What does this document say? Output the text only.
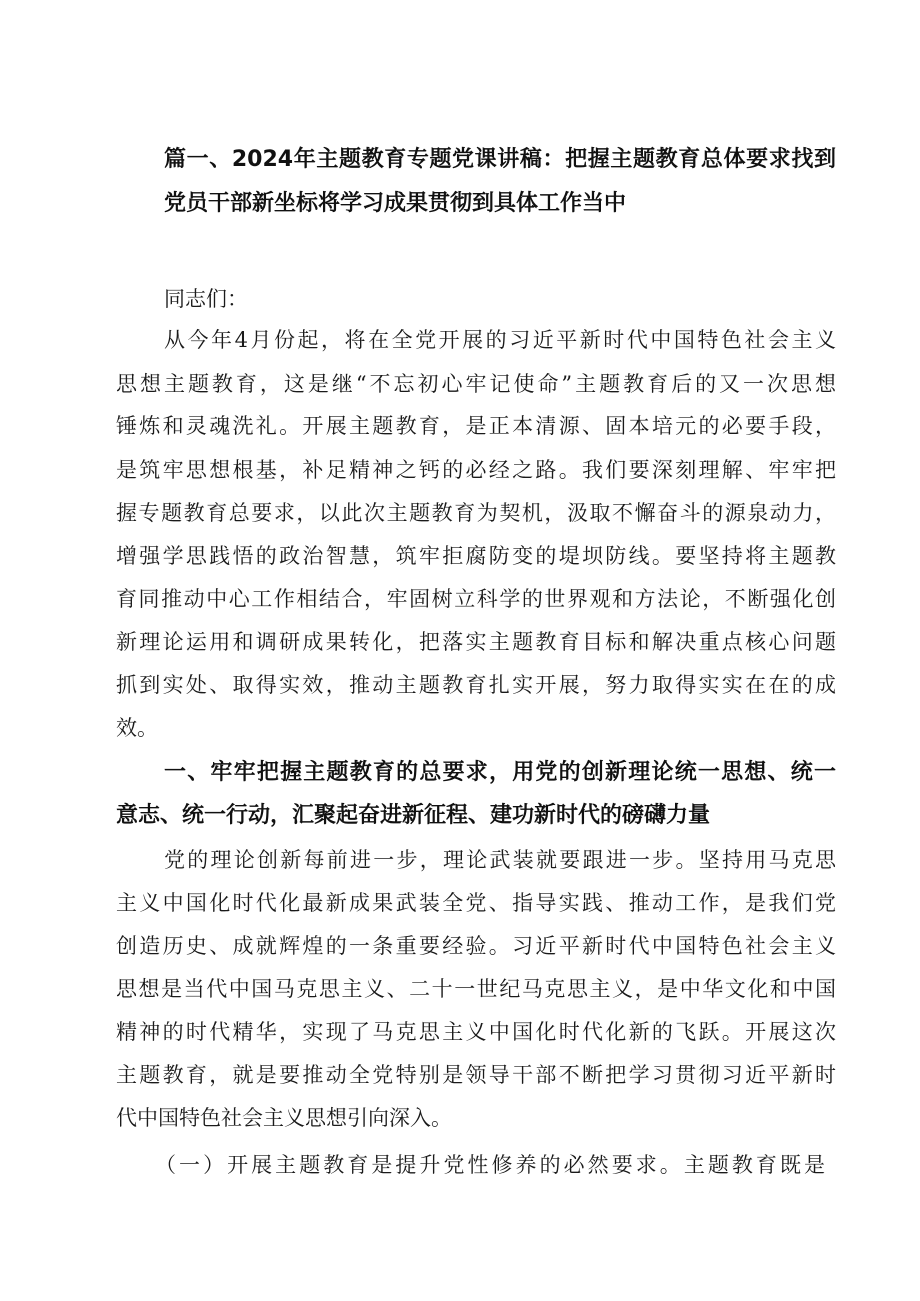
篇一、2024年主题教育专题党课讲稿：把握主题教育总体要求找到
党员干部新坐标将学习成果贯彻到具体工作当中
同志们：
从今年4月份起，将在全党开展的习近平新时代中国特色社会主义
思想主题教育，这是继“不忘初心牢记使命”主题教育后的又一次思想
锤炼和灵魂洗礼。开展主题教育，是正本清源、固本培元的必要手段，
是筑牢思想根基，补足精神之钙的必经之路。我们要深刻理解、牢牢把
握专题教育总要求，以此次主题教育为契机，汲取不懈奋斗的源泉动力，
增强学思践悟的政治智慧，筑牢拒腐防变的堤坝防线。要坚持将主题教
育同推动中心工作相结合，牢固树立科学的世界观和方法论，不断强化创
新理论运用和调研成果转化，把落实主题教育目标和解决重点核心问题
抓到实处、取得实效，推动主题教育扎实开展，努力取得实实在在的成
效。
一、牢牢把握主题教育的总要求，用党的创新理论统一思想、统一
意志、统一行动，汇聚起奋进新征程、建功新时代的磅礴力量
党的理论创新每前进一步，理论武装就要跟进一步。坚持用马克思
主义中国化时代化最新成果武装全党、指导实践、推动工作，是我们党
创造历史、成就辉煌的一条重要经验。习近平新时代中国特色社会主义
思想是当代中国马克思主义、二十一世纪马克思主义，是中华文化和中国
精神的时代精华，实现了马克思主义中国化时代化新的飞跃。开展这次
主题教育，就是要推动全党特别是领导干部不断把学习贯彻习近平新时
代中国特色社会主义思想引向深入。
（一）开展主题教育是提升党性修养的必然要求。主题教育既是
